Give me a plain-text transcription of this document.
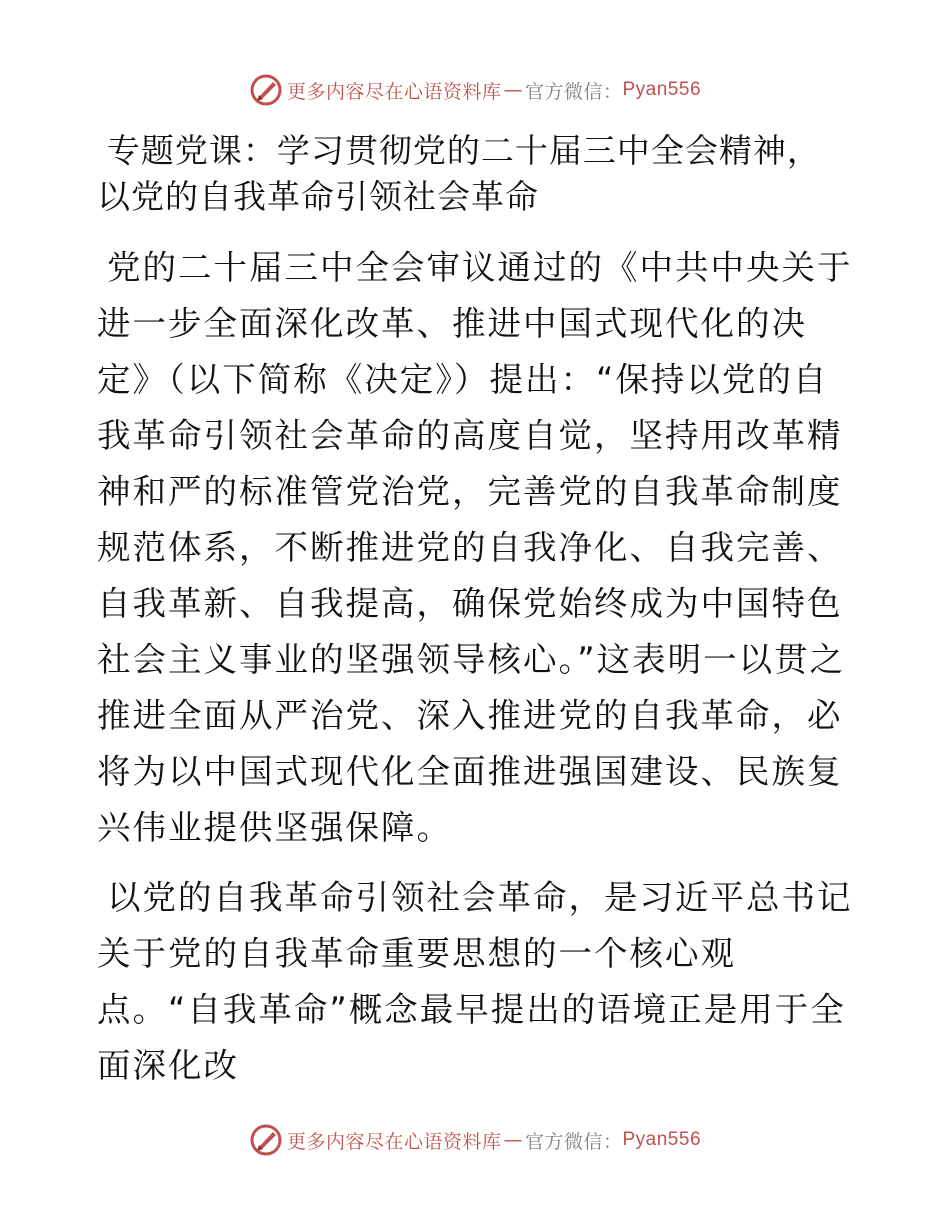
更多内容尽在心语资料库 — 官方微信： Pyan556
专题党课：学习贯彻党的二十届三中全会精神，
以党的自我革命引领社会革命

党的二十届三中全会审议通过的《中共中央关于进一步全面深化改革、推进中国式现代化的决定》（以下简称《决定》）提出：“保持以党的自我革命引领社会革命的高度自觉，坚持用改革精神和严的标准管党治党，完善党的自我革命制度规范体系，不断推进党的自我净化、自我完善、自我革新、自我提高，确保党始终成为中国特色社会主义事业的坚强领导核心。”这表明一以贯之推进全面从严治党、深入推进党的自我革命，必将为以中国式现代化全面推进强国建设、民族复兴伟业提供坚强保障。

以党的自我革命引领社会革命，是习近平总书记关于党的自我革命重要思想的一个核心观点。“自我革命”概念最早提出的语境正是用于全面深化改

更多内容尽在心语资料库 — 官方微信： Pyan556
